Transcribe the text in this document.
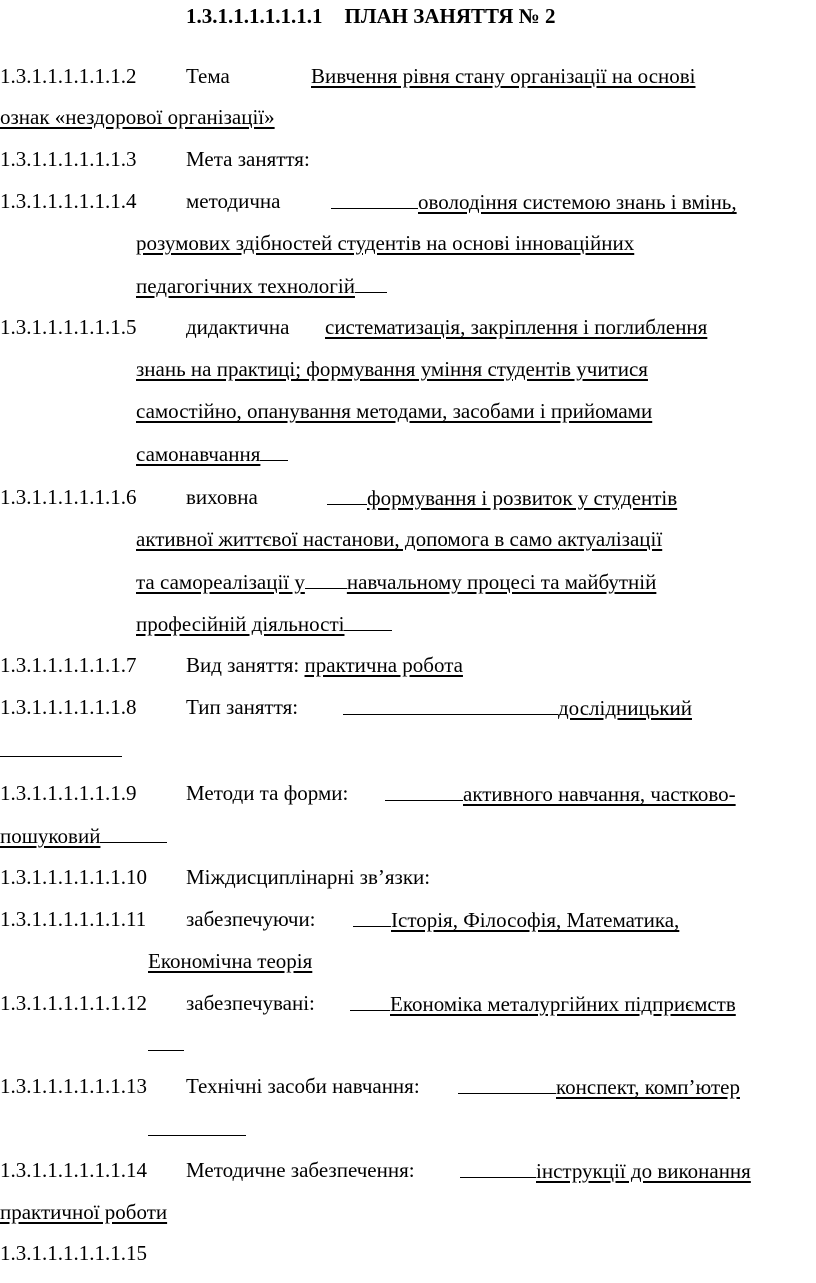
1.3.1.1.1.1.1.1.1 ПЛАН ЗАНЯТТЯ № 2
1.3.1.1.1.1.1.1.2 Тема	Вивчення рівня стану організації на основі
ознак «нездорової організації»
1.3.1.1.1.1.1.1.3 Мета заняття:
1.3.1.1.1.1.1.1.4 методична	оволодіння системою знань і вмінь,
розумових здібностей студентів на основі інноваційних
педагогічних технологій
1.3.1.1.1.1.1.1.5 дидактична систематизація, закріплення і поглиблення
знань на практиці; формування уміння студентів учитися
самостійно, опанування методами, засобами і прийомами
самонавчання
1.3.1.1.1.1.1.1.6 виховна	формування і розвиток у студентів
активної життєвої настанови, допомога в само актуалізації
та самореалізації у навчальному процесі та майбутній
професійній діяльності
1.3.1.1.1.1.1.1.7 Вид заняття: практична робота
1.3.1.1.1.1.1.1.8 Тип заняття:	дослідницький
1.3.1.1.1.1.1.1.9 Методи та форми:	активного навчання, частково-
пошуковий
1.3.1.1.1.1.1.1.10 Міждисциплінарні зв’язки:
1.3.1.1.1.1.1.1.11 забезпечуючи:	Історія, Філософія, Математика,
Економічна теорія
1.3.1.1.1.1.1.1.12 забезпечувані:	Економіка металургійних підприємств
1.3.1.1.1.1.1.1.13 Технічні засоби навчання:	конспект, комп’ютер
1.3.1.1.1.1.1.1.14 Методичне забезпечення:	інструкції до виконання
практичної роботи
1.3.1.1.1.1.1.1.15
